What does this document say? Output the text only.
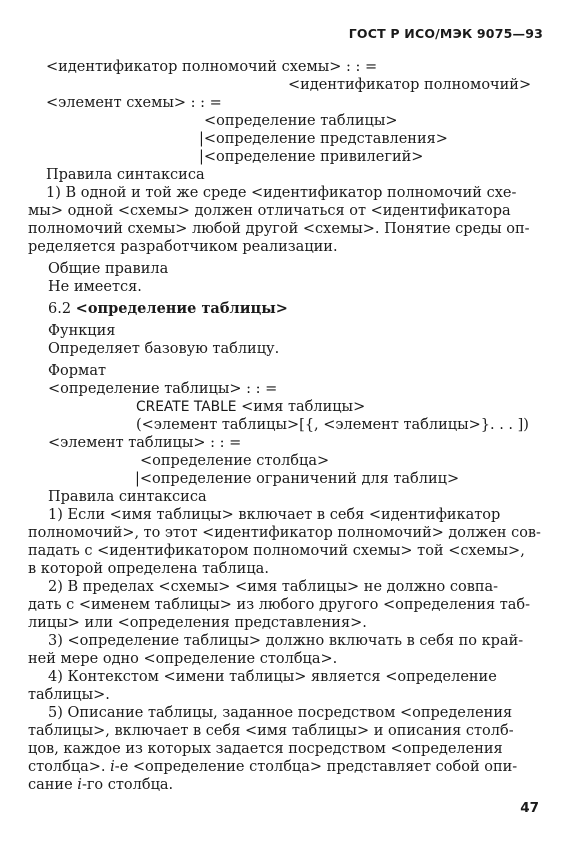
ГОСТ Р ИСО/МЭК 9075—93
<идентификатор полномочий схемы> : : =
<идентификатор полномочий>
<элемент схемы> : : =
<определение таблицы>
|<определение представления>
|<определение привилегий>
Правила синтаксиса
1) В одной и той же среде <идентификатор полномочий схе-
мы> одной <схемы> должен отличаться от <идентификатора
полномочий схемы> любой другой <схемы>. Понятие среды оп-
ределяется разработчиком реализации.
Общие правила
Не имеется.
6.2 <определение таблицы>
Функция
Определяет базовую таблицу.
Формат
<определение таблицы> : : =
CREATE TABLE <имя таблицы>
(<элемент таблицы>[{, <элемент таблицы>}. . . ])
<элемент таблицы> : : =
<определение столбца>
|<определение ограничений для таблиц>
Правила синтаксиса
1) Если <имя таблицы> включает в себя <идентификатор
полномочий>, то этот <идентификатор полномочий> должен сов-
падать с <идентификатором полномочий схемы> той <схемы>,
в которой определена таблица.
2) В пределах <схемы> <имя таблицы> не должно совпа-
дать с <именем таблицы> из любого другого <определения таб-
лицы> или <определения представления>.
3) <определение таблицы> должно включать в себя по край-
ней мере одно <определение столбца>.
4) Контекстом <имени таблицы> является <определение
таблицы>.
5) Описание таблицы, заданное посредством <определения
таблицы>, включает в себя <имя таблицы> и описания столб-
цов, каждое из которых задается посредством <определения
столбца>. i-е <определение столбца> представляет собой опи-
сание i-го столбца.
47
